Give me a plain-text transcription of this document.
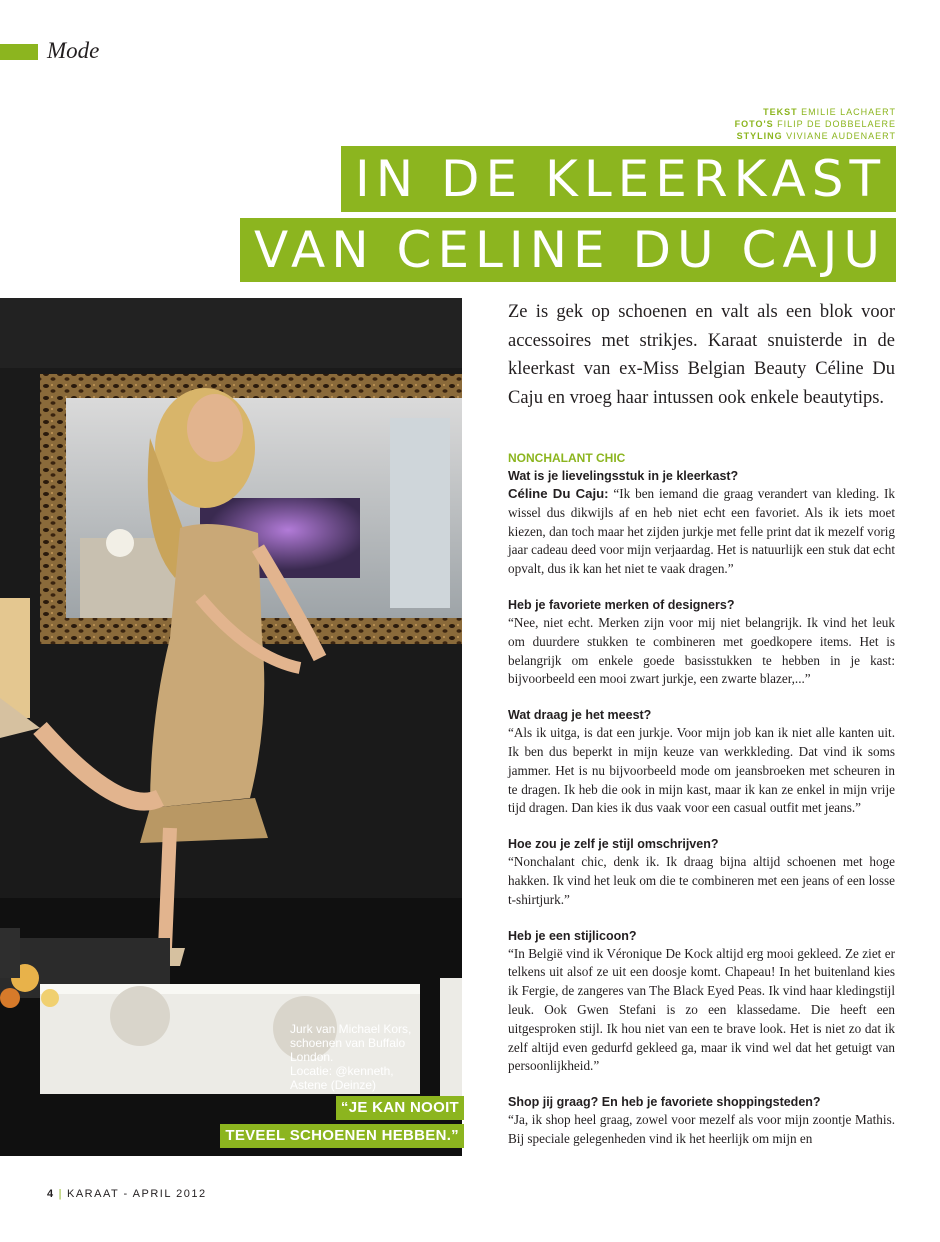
Mode
TEKST EMILIE LACHAERT
FOTO'S FILIP DE DOBBELAERE
STYLING VIVIANE AUDENAERT
IN DE KLEERKAST
VAN CELINE DU CAJU
Jurk van Michael Kors,
schoenen van Buffalo London.
Locatie: @kenneth,
Astene (Deinze)
“JE KAN NOOIT
TEVEEL SCHOENEN HEBBEN.”
Ze is gek op schoenen en valt als een blok voor accessoires met strikjes. Karaat snuisterde in de kleerkast van ex-Miss Belgian Beauty Céline Du Caju en vroeg haar intussen ook enkele beautytips.

NONCHALANT CHIC

Wat is je lievelingsstuk in je kleerkast?

Céline Du Caju: “Ik ben iemand die graag verandert van kleding. Ik wissel dus dikwijls af en heb niet echt een favoriet. Als ik iets moet kiezen, dan toch maar het zijden jurkje met felle print dat ik mezelf vorig jaar cadeau deed voor mijn verjaardag. Het is natuurlijk een stuk dat echt opvalt, dus ik kan het niet te vaak dragen.”

Heb je favoriete merken of designers?

“Nee, niet echt. Merken zijn voor mij niet belangrijk. Ik vind het leuk om duurdere stukken te combineren met goedkopere items. Het is belangrijk om enkele goede basisstukken te hebben in je kast: bijvoorbeeld een mooi zwart jurkje, een zwarte blazer,...”

Wat draag je het meest?

“Als ik uitga, is dat een jurkje. Voor mijn job kan ik niet alle kanten uit. Ik ben dus beperkt in mijn keuze van werkkleding. Dat vind ik soms jammer. Het is nu bijvoorbeeld mode om jeansbroeken met scheuren in te dragen. Ik heb die ook in mijn kast, maar ik kan ze enkel in mijn vrije tijd dragen. Dan kies ik dus vaak voor een casual outfit met jeans.”

Hoe zou je zelf je stijl omschrijven?

“Nonchalant chic, denk ik. Ik draag bijna altijd schoenen met hoge hakken. Ik vind het leuk om die te combineren met een jeans of een losse t-shirtjurk.”

Heb je een stijlicoon?

“In België vind ik Véronique De Kock altijd erg mooi gekleed. Ze ziet er telkens uit alsof ze uit een doosje komt. Chapeau! In het buitenland kies ik Fergie, de zangeres van The Black Eyed Peas. Ik vind haar kledingstijl leuk. Ook Gwen Stefani is zo een klassedame. Die heeft een uitgesproken stijl. Ik hou niet van een te brave look. Het is niet zo dat ik zelf altijd even gedurfd gekleed ga, maar ik vind wel dat het getuigt van persoonlijkheid.”

Shop jij graag? En heb je favoriete shoppingsteden?

“Ja, ik shop heel graag, zowel voor mezelf als voor mijn zoontje Mathis. Bij speciale gelegenheden vind ik het heerlijk om mijn en

4 | KARAAT - APRIL 2012
